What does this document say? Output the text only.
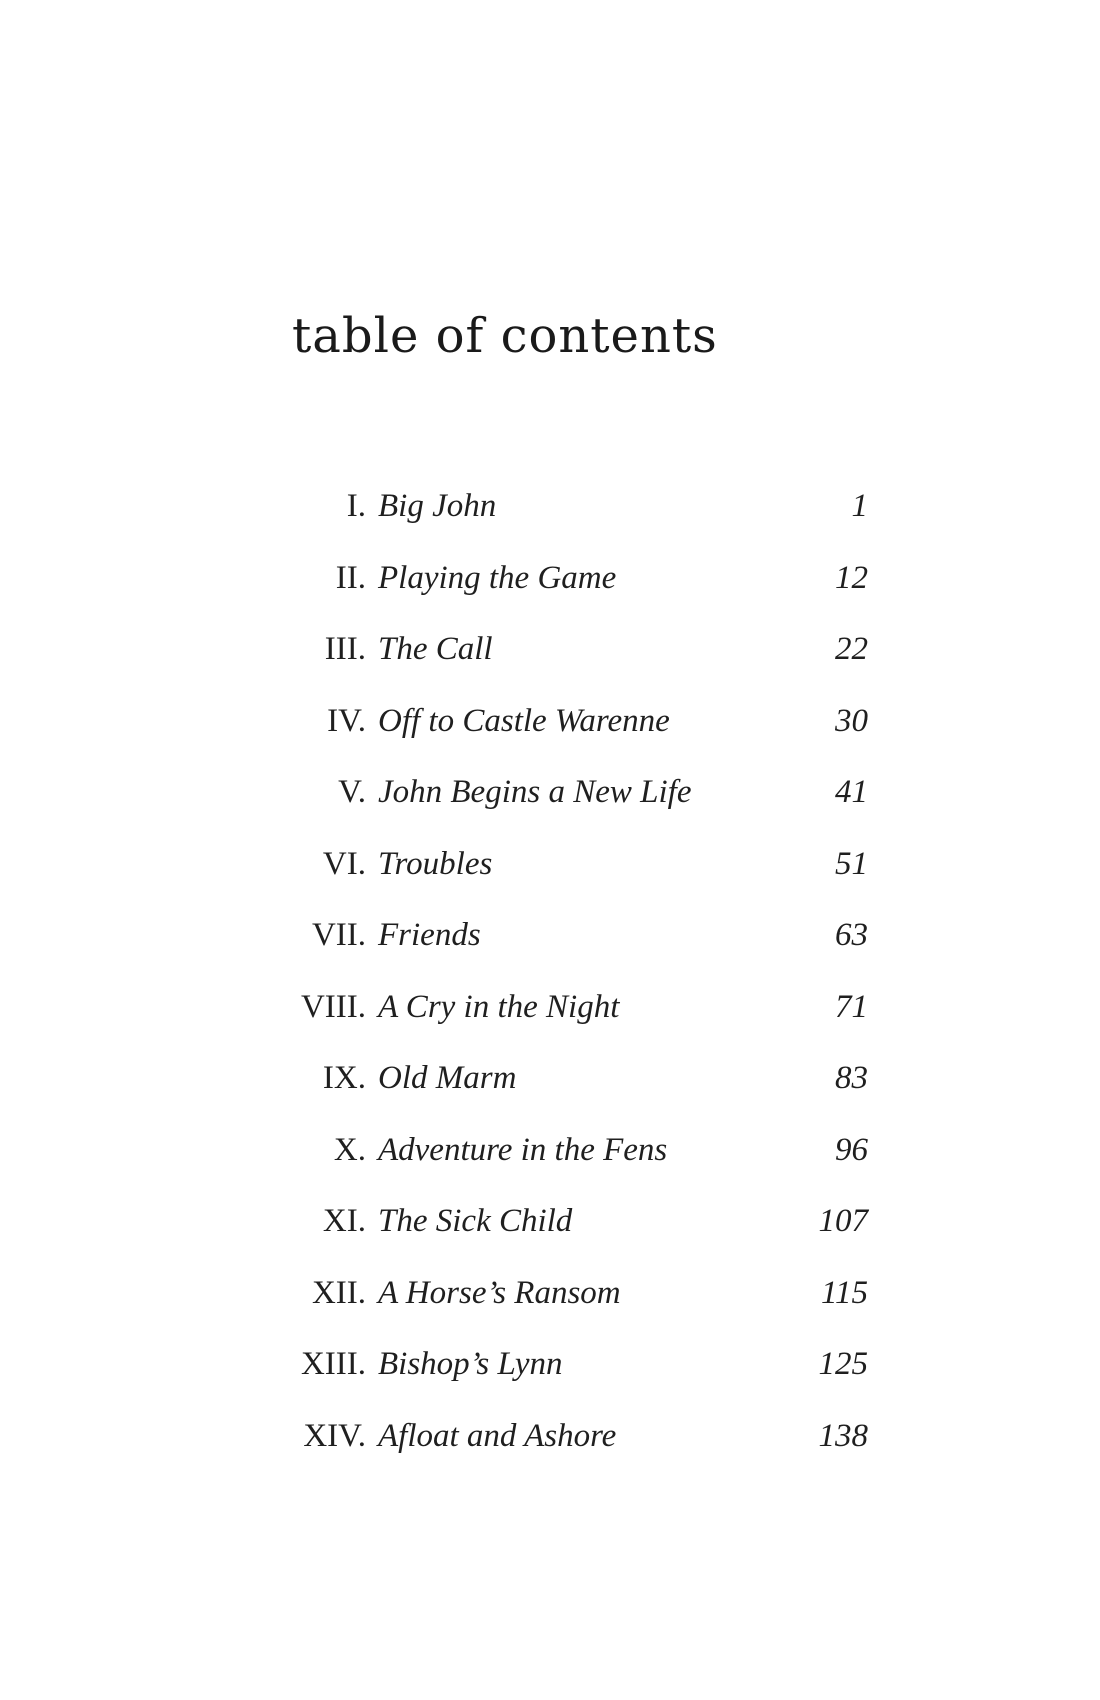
table of contents
I. Big John	1
II. Playing the Game	12
III. The Call	22
IV. Off to Castle Warenne	30
V. John Begins a New Life	41
VI. Troubles	51
VII. Friends	63
VIII. A Cry in the Night	71
IX. Old Marm	83
X. Adventure in the Fens	96
XI. The Sick Child	107
XII. A Horse’s Ransom	115
XIII. Bishop’s Lynn	125
XIV. Afloat and Ashore	138
